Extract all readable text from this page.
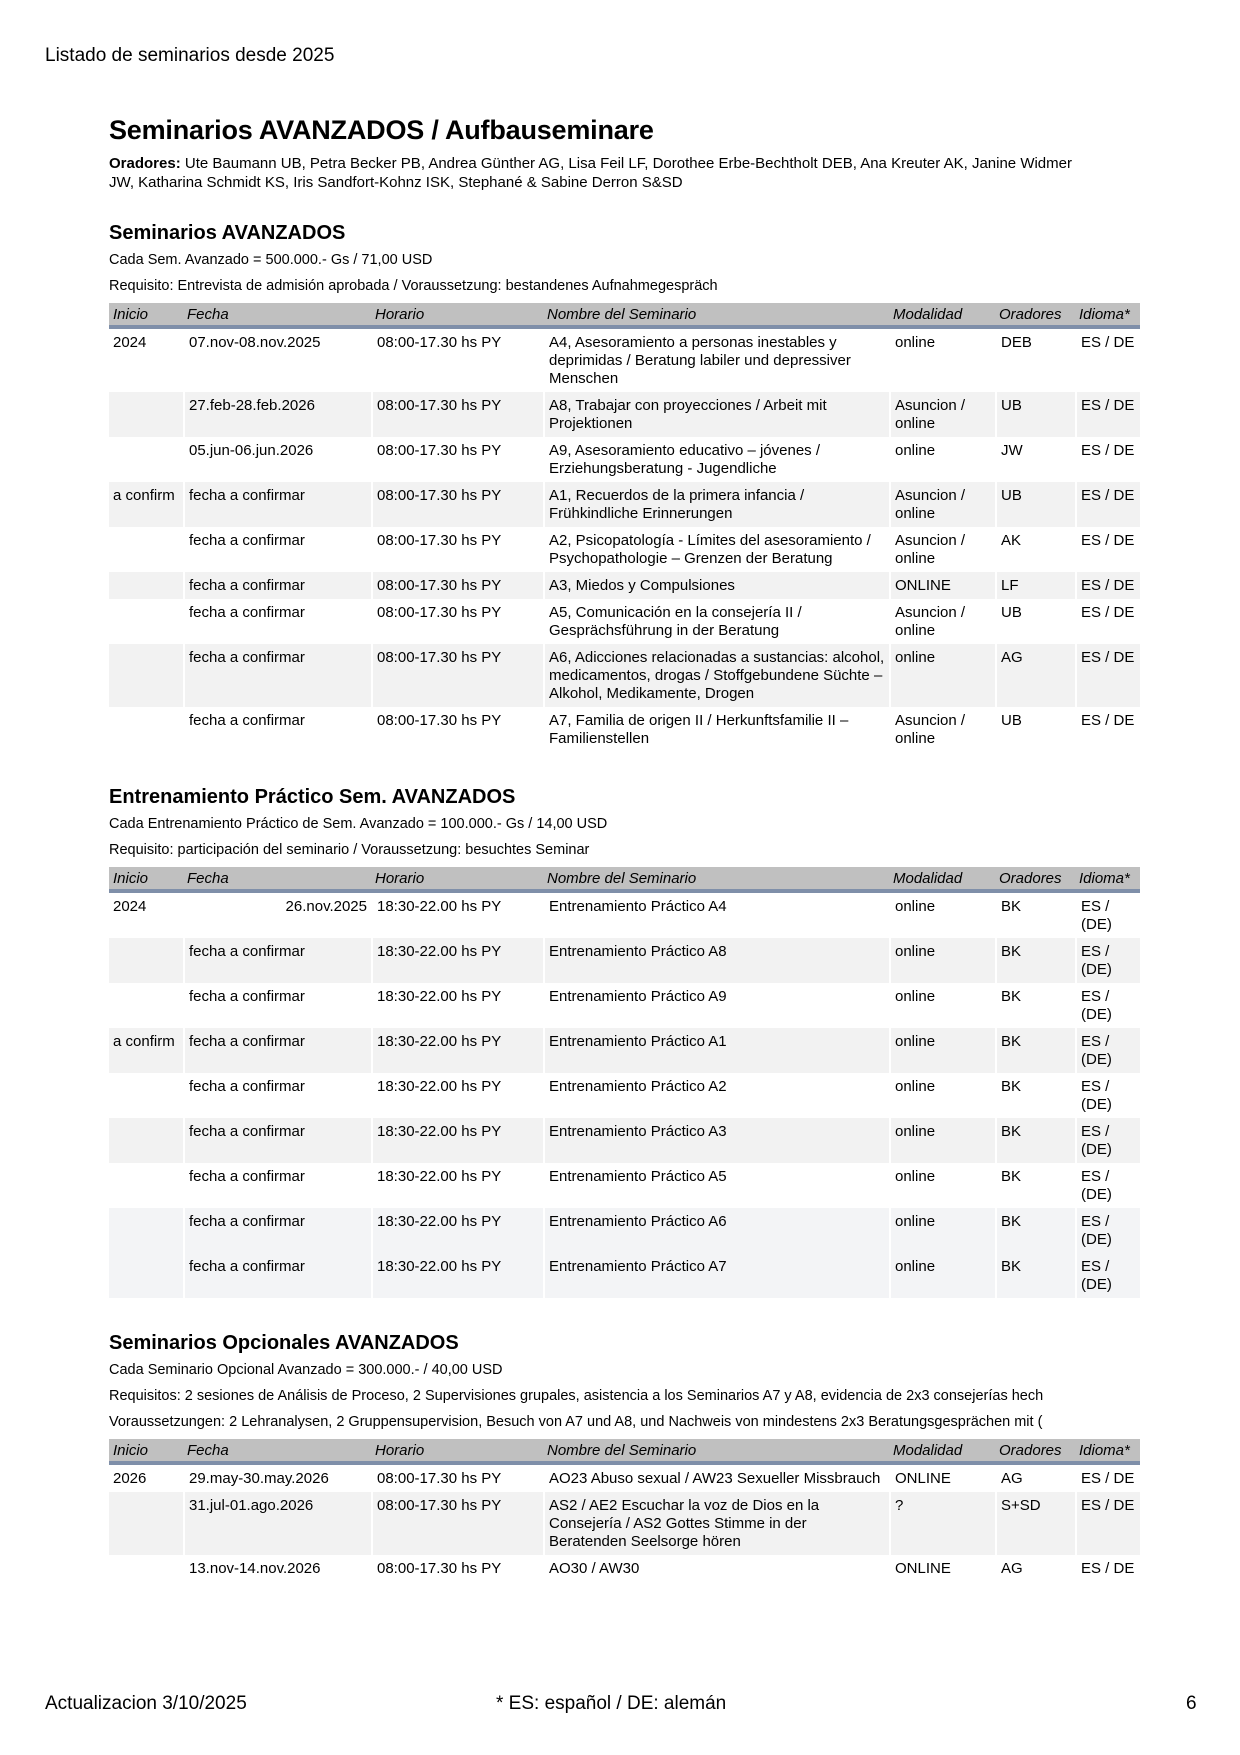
Listado de seminarios desde 2025
Seminarios AVANZADOS / Aufbauseminare

Oradores: Ute Baumann UB, Petra Becker PB, Andrea Günther AG, Lisa Feil LF, Dorothee Erbe-Bechtholt DEB, Ana Kreuter AK, Janine Widmer JW, Katharina Schmidt KS, Iris Sandfort-Kohnz ISK, Stephané & Sabine Derron S&SD

Seminarios AVANZADOS

Cada Sem. Avanzado = 500.000.- Gs / 71,00 USD

Requisito: Entrevista de admisión aprobada / Voraussetzung: bestandenes Aufnahmegespräch

Inicio	Fecha	Horario	Nombre del Seminario	Modalidad	Oradores	Idioma*
2024	07.nov-08.nov.2025	08:00-17.30 hs PY	A4, Asesoramiento a personas inestables y deprimidas / Beratung labiler und depressiver Menschen	online	DEB	ES / DE
	27.feb-28.feb.2026	08:00-17.30 hs PY	A8, Trabajar con proyecciones / Arbeit mit Projektionen	Asuncion / online	UB	ES / DE
	05.jun-06.jun.2026	08:00-17.30 hs PY	A9, Asesoramiento educativo – jóvenes / Erziehungsberatung - Jugendliche	online	JW	ES / DE
a confirm	fecha a confirmar	08:00-17.30 hs PY	A1, Recuerdos de la primera infancia / Frühkindliche Erinnerungen	Asuncion / online	UB	ES / DE
	fecha a confirmar	08:00-17.30 hs PY	A2, Psicopatología - Límites del asesoramiento / Psychopathologie – Grenzen der Beratung	Asuncion / online	AK	ES / DE
	fecha a confirmar	08:00-17.30 hs PY	A3, Miedos y Compulsiones	ONLINE	LF	ES / DE
	fecha a confirmar	08:00-17.30 hs PY	A5, Comunicación en la consejería II / Gesprächsführung in der Beratung	Asuncion / online	UB	ES / DE
	fecha a confirmar	08:00-17.30 hs PY	A6, Adicciones relacionadas a sustancias: alcohol, medicamentos, drogas / Stoffgebundene Süchte – Alkohol, Medikamente, Drogen	online	AG	ES / DE
	fecha a confirmar	08:00-17.30 hs PY	A7, Familia de origen II / Herkunftsfamilie II – Familienstellen	Asuncion / online	UB	ES / DE
Entrenamiento Práctico Sem. AVANZADOS

Cada Entrenamiento Práctico de Sem. Avanzado = 100.000.- Gs / 14,00 USD

Requisito: participación del seminario / Voraussetzung: besuchtes Seminar

Inicio	Fecha	Horario	Nombre del Seminario	Modalidad	Oradores	Idioma*
2024	26.nov.2025	18:30-22.00 hs PY	Entrenamiento Práctico A4	online	BK	ES / (DE)
	fecha a confirmar	18:30-22.00 hs PY	Entrenamiento Práctico A8	online	BK	ES / (DE)
	fecha a confirmar	18:30-22.00 hs PY	Entrenamiento Práctico A9	online	BK	ES / (DE)
a confirm	fecha a confirmar	18:30-22.00 hs PY	Entrenamiento Práctico A1	online	BK	ES / (DE)
	fecha a confirmar	18:30-22.00 hs PY	Entrenamiento Práctico A2	online	BK	ES / (DE)
	fecha a confirmar	18:30-22.00 hs PY	Entrenamiento Práctico A3	online	BK	ES / (DE)
	fecha a confirmar	18:30-22.00 hs PY	Entrenamiento Práctico A5	online	BK	ES / (DE)
	fecha a confirmar	18:30-22.00 hs PY	Entrenamiento Práctico A6	online	BK	ES / (DE)
	fecha a confirmar	18:30-22.00 hs PY	Entrenamiento Práctico A7	online	BK	ES / (DE)
Seminarios Opcionales AVANZADOS

Cada Seminario Opcional Avanzado = 300.000.- / 40,00 USD

Requisitos: 2 sesiones de Análisis de Proceso, 2 Supervisiones grupales, asistencia a los Seminarios A7 y A8, evidencia de 2x3 consejerías hech

Voraussetzungen: 2 Lehranalysen, 2 Gruppensupervision, Besuch von A7 und A8, und Nachweis von mindestens 2x3 Beratungsgesprächen mit (

Inicio	Fecha	Horario	Nombre del Seminario	Modalidad	Oradores	Idioma*
2026	29.may-30.may.2026	08:00-17.30 hs PY	AO23 Abuso sexual / AW23 Sexueller Missbrauch	ONLINE	AG	ES / DE
	31.jul-01.ago.2026	08:00-17.30 hs PY	AS2 / AE2 Escuchar la voz de Dios en la Consejería / AS2 Gottes Stimme in der Beratenden Seelsorge hören	?	S+SD	ES / DE
	13.nov-14.nov.2026	08:00-17.30 hs PY	AO30 / AW30	ONLINE	AG	ES / DE
Actualizacion 3/10/2025	* ES: español / DE: alemán	6
